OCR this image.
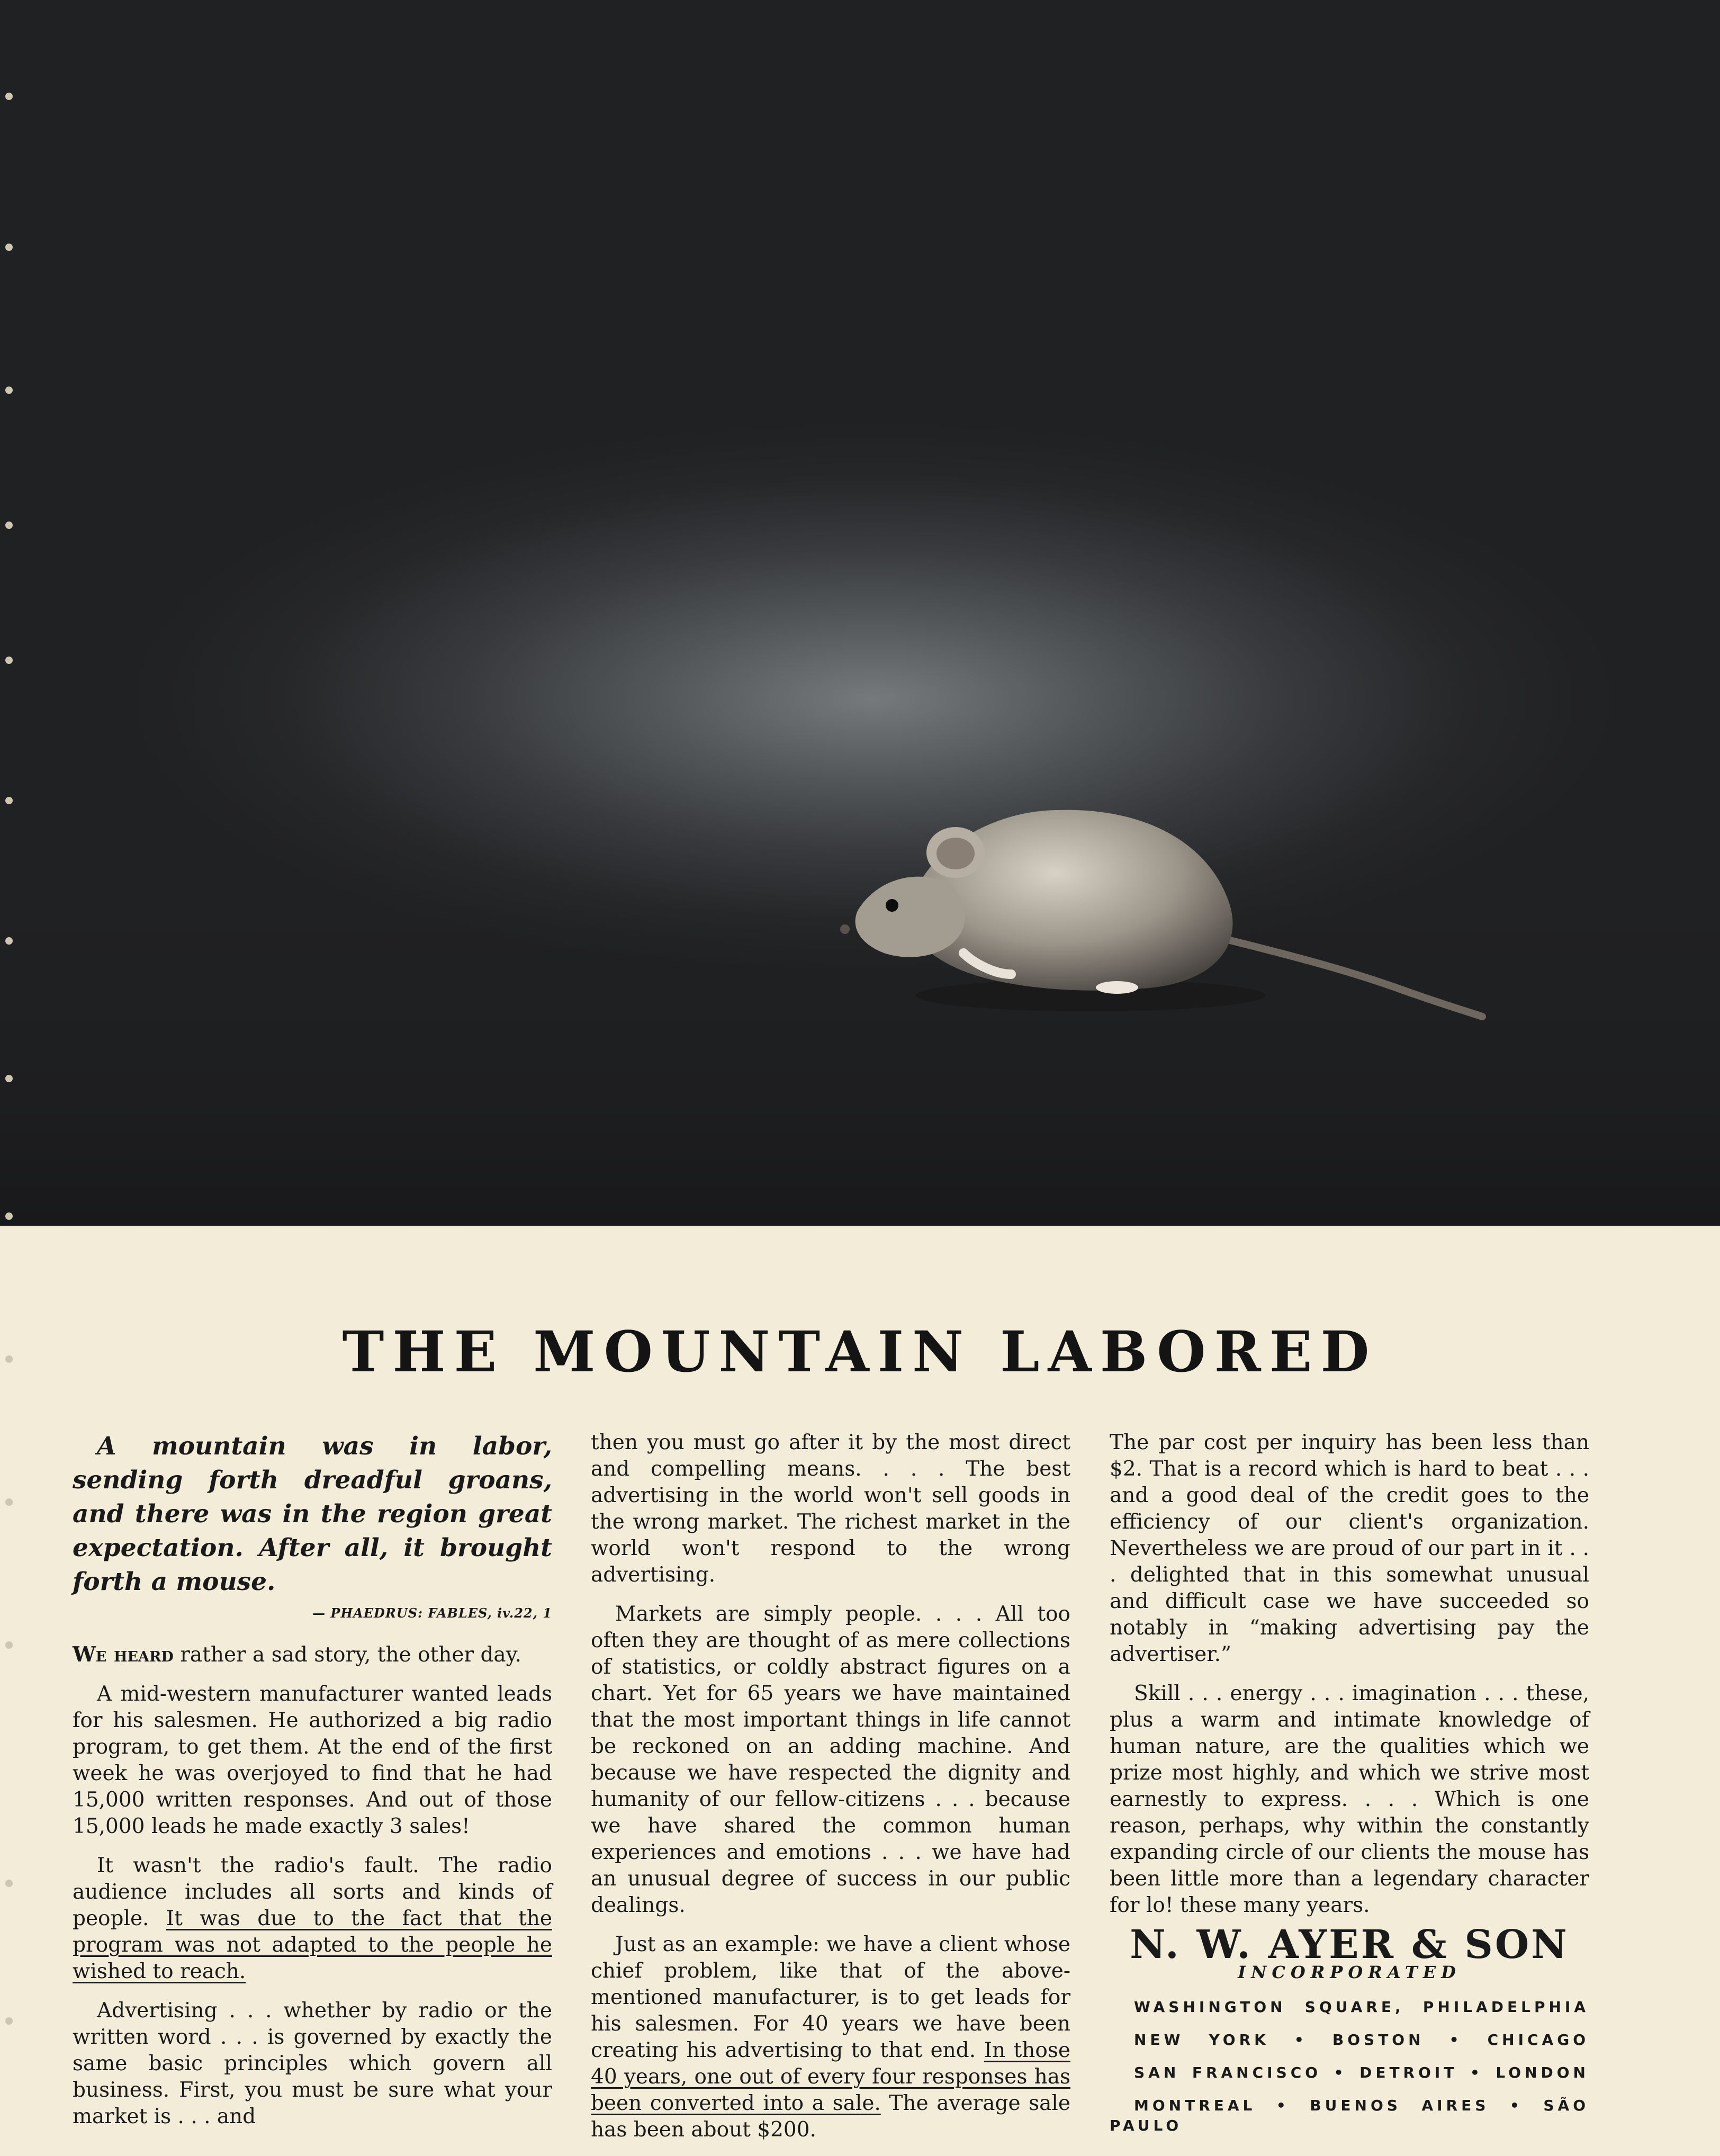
THE MOUNTAIN LABORED

A mountain was in labor, sending forth dreadful groans, and there was in the region great expectation. After all, it brought forth a mouse.

— PHAEDRUS: FABLES, iv.22, 1

We heard rather a sad story, the other day.

A mid-western manufacturer wanted leads for his salesmen. He authorized a big radio program, to get them. At the end of the first week he was overjoyed to find that he had 15,000 written responses. And out of those 15,000 leads he made exactly 3 sales!

It wasn't the radio's fault. The radio audience includes all sorts and kinds of people. It was due to the fact that the program was not adapted to the people he wished to reach.

Advertising . . . whether by radio or the written word . . . is governed by exactly the same basic principles which govern all business. First, you must be sure what your market is . . . and

then you must go after it by the most direct and compelling means. . . . The best advertising in the world won't sell goods in the wrong market. The richest market in the world won't respond to the wrong advertising.

Markets are simply people. . . . All too often they are thought of as mere collections of statistics, or coldly abstract figures on a chart. Yet for 65 years we have maintained that the most important things in life cannot be reckoned on an adding machine. And because we have respected the dignity and humanity of our fellow-citizens . . . because we have shared the common human experiences and emotions . . . we have had an unusual degree of success in our public dealings.

Just as an example: we have a client whose chief problem, like that of the above-mentioned manufacturer, is to get leads for his salesmen. For 40 years we have been creating his advertising to that end. In those 40 years, one out of every four responses has been converted into a sale. The average sale has been about $200.

The par cost per inquiry has been less than $2. That is a record which is hard to beat . . . and a good deal of the credit goes to the efficiency of our client's organization. Nevertheless we are proud of our part in it . . . delighted that in this somewhat unusual and difficult case we have succeeded so notably in “making advertising pay the advertiser.”

Skill . . . energy . . . imagination . . . these, plus a warm and intimate knowledge of human nature, are the qualities which we prize most highly, and which we strive most earnestly to express. . . . Which is one reason, perhaps, why within the constantly expanding circle of our clients the mouse has been little more than a legendary character for lo! these many years.

N. W. AYER & SON
INCORPORATED

WASHINGTON SQUARE, PHILADELPHIA

NEW YORK • BOSTON • CHICAGO

SAN FRANCISCO • DETROIT • LONDON

MONTREAL • BUENOS AIRES • SÃO PAULO
